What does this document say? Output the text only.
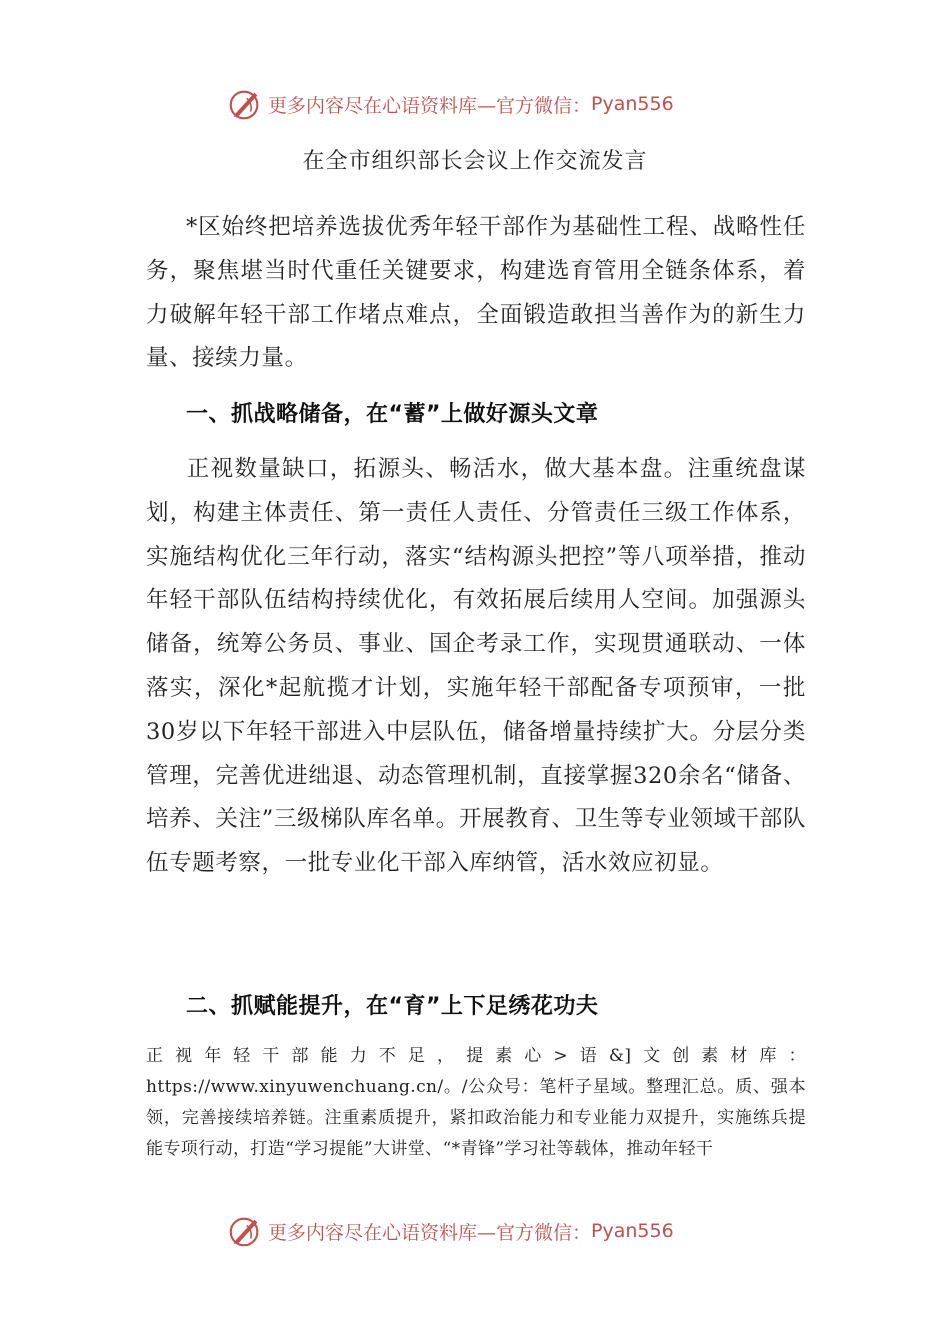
更多内容尽在心语资料库—官方微信： Pyan556
在全市组织部长会议上作交流发言
*区始终把培养选拔优秀年轻干部作为基础性工程、战略性任务，聚焦堪当时代重任关键要求，构建选育管用全链条体系，着力破解年轻干部工作堵点难点，全面锻造敢担当善作为的新生力量、接续力量。
一、抓战略储备，在“蓄”上做好源头文章
正视数量缺口，拓源头、畅活水，做大基本盘。注重统盘谋划，构建主体责任、第一责任人责任、分管责任三级工作体系，实施结构优化三年行动，落实“结构源头把控”等八项举措，推动年轻干部队伍结构持续优化，有效拓展后续用人空间。加强源头储备，统筹公务员、事业、国企考录工作，实现贯通联动、一体落实，深化*起航揽才计划，实施年轻干部配备专项预审，一批30岁以下年轻干部进入中层队伍，储备增量持续扩大。分层分类管理，完善优进绌退、动态管理机制，直接掌握320余名“储备、培养、关注”三级梯队库名单。开展教育、卫生等专业领域干部队伍专题考察，一批专业化干部入库纳管，活水效应初显。
二、抓赋能提升，在“育”上下足绣花功夫
正视年轻干部能力不足，提素心>语&]文创素材库：https://www.xinyuwenchuang.cn/。/公众号：笔杆子星域。整理汇总。质、强本领，完善接续培养链。注重素质提升，紧扣政治能力和专业能力双提升，实施练兵提能专项行动，打造“学习提能”大讲堂、“*青锋”学习社等载体，推动年轻干
更多内容尽在心语资料库—官方微信： Pyan556
